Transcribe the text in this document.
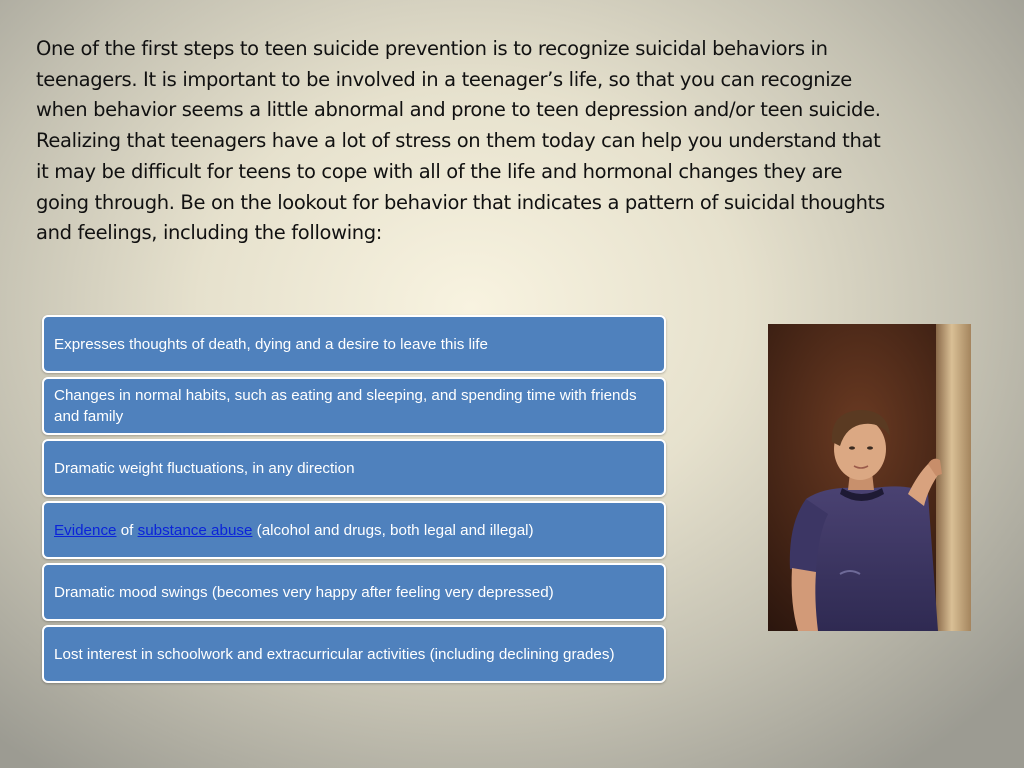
One of the first steps to teen suicide prevention is to recognize suicidal behaviors in teenagers. It is important to be involved in a teenager’s life, so that you can recognize when behavior seems a little abnormal and prone to teen depression and/or teen suicide. Realizing that teenagers have a lot of stress on them today can help you understand that it may be difficult for teens to cope with all of the life and hormonal changes they are going through. Be on the lookout for behavior that indicates a pattern of suicidal thoughts and feelings, including the following:

Expresses thoughts of death, dying and a desire to leave this life
Changes in normal habits, such as eating and sleeping, and spending time with friends and family
Dramatic weight fluctuations, in any direction
Evidence of substance abuse (alcohol and drugs, both legal and illegal)
Dramatic mood swings (becomes very happy after feeling very depressed)
Lost interest in schoolwork and extracurricular activities (including declining grades)
